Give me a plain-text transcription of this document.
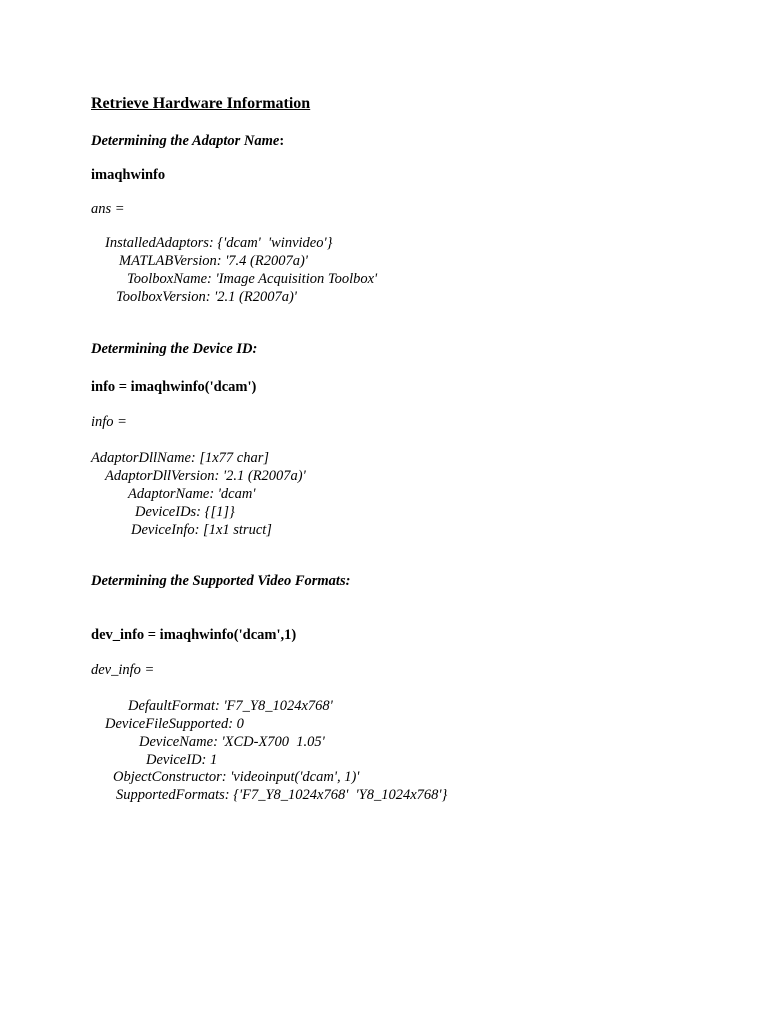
Retrieve Hardware Information
Determining the Adaptor Name:
imaqhwinfo
ans =
InstalledAdaptors: {'dcam'  'winvideo'}
MATLABVersion: '7.4 (R2007a)'
ToolboxName: 'Image Acquisition Toolbox'
ToolboxVersion: '2.1 (R2007a)'
Determining the Device ID:
info = imaqhwinfo('dcam')
info =
AdaptorDllName: [1x77 char]
AdaptorDllVersion: '2.1 (R2007a)'
AdaptorName: 'dcam'
DeviceIDs: {[1]}
DeviceInfo: [1x1 struct]
Determining the Supported Video Formats:
dev_info = imaqhwinfo('dcam',1)
dev_info =
DefaultFormat: 'F7_Y8_1024x768'
DeviceFileSupported: 0
DeviceName: 'XCD-X700  1.05'
DeviceID: 1
ObjectConstructor: 'videoinput('dcam', 1)'
SupportedFormats: {'F7_Y8_1024x768'  'Y8_1024x768'}
